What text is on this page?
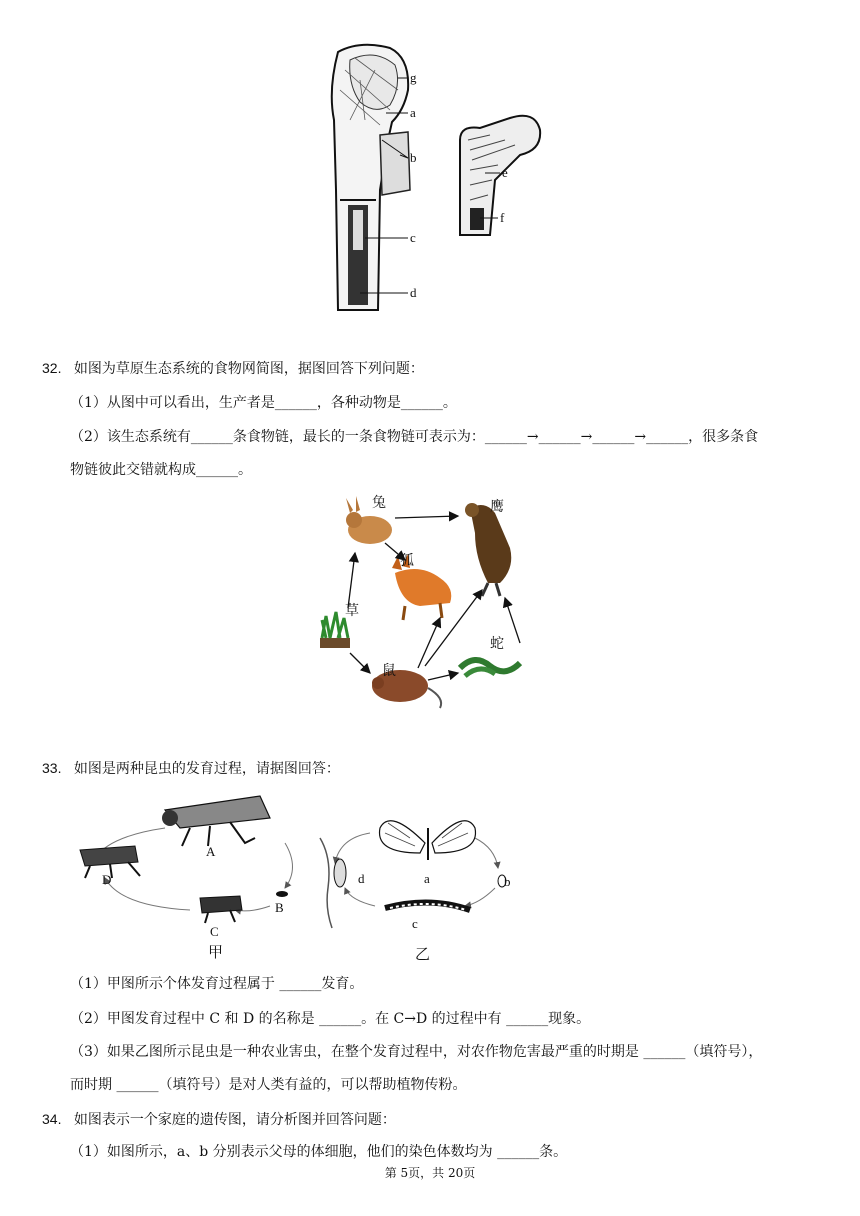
g
a
b
c
d
e
f
32. 如图为草原生态系统的食物网简图，据图回答下列问题：
（1）从图中可以看出，生产者是______，各种动物是______。
（2）该生态系统有______条食物链，最长的一条食物链可表示为：______→______→______→______，很多条食
物链彼此交错就构成______。
兔	鹰
狐
草
鼠
蛇
33. 如图是两种昆虫的发育过程，请据图回答：
A
B
C
D
甲
a	b
c
d
乙
（1）甲图所示个体发育过程属于 ______发育。
（2）甲图发育过程中 C 和 D 的名称是 ______。在 C→D 的过程中有 ______现象。
（3）如果乙图所示昆虫是一种农业害虫，在整个发育过程中，对农作物危害最严重的时期是 ______（填符号），
而时期 ______（填符号）是对人类有益的，可以帮助植物传粉。
34. 如图表示一个家庭的遗传图，请分析图并回答问题：
（1）如图所示，a、b 分别表示父母的体细胞，他们的染色体数均为 ______条。
第 5页，共 20页
